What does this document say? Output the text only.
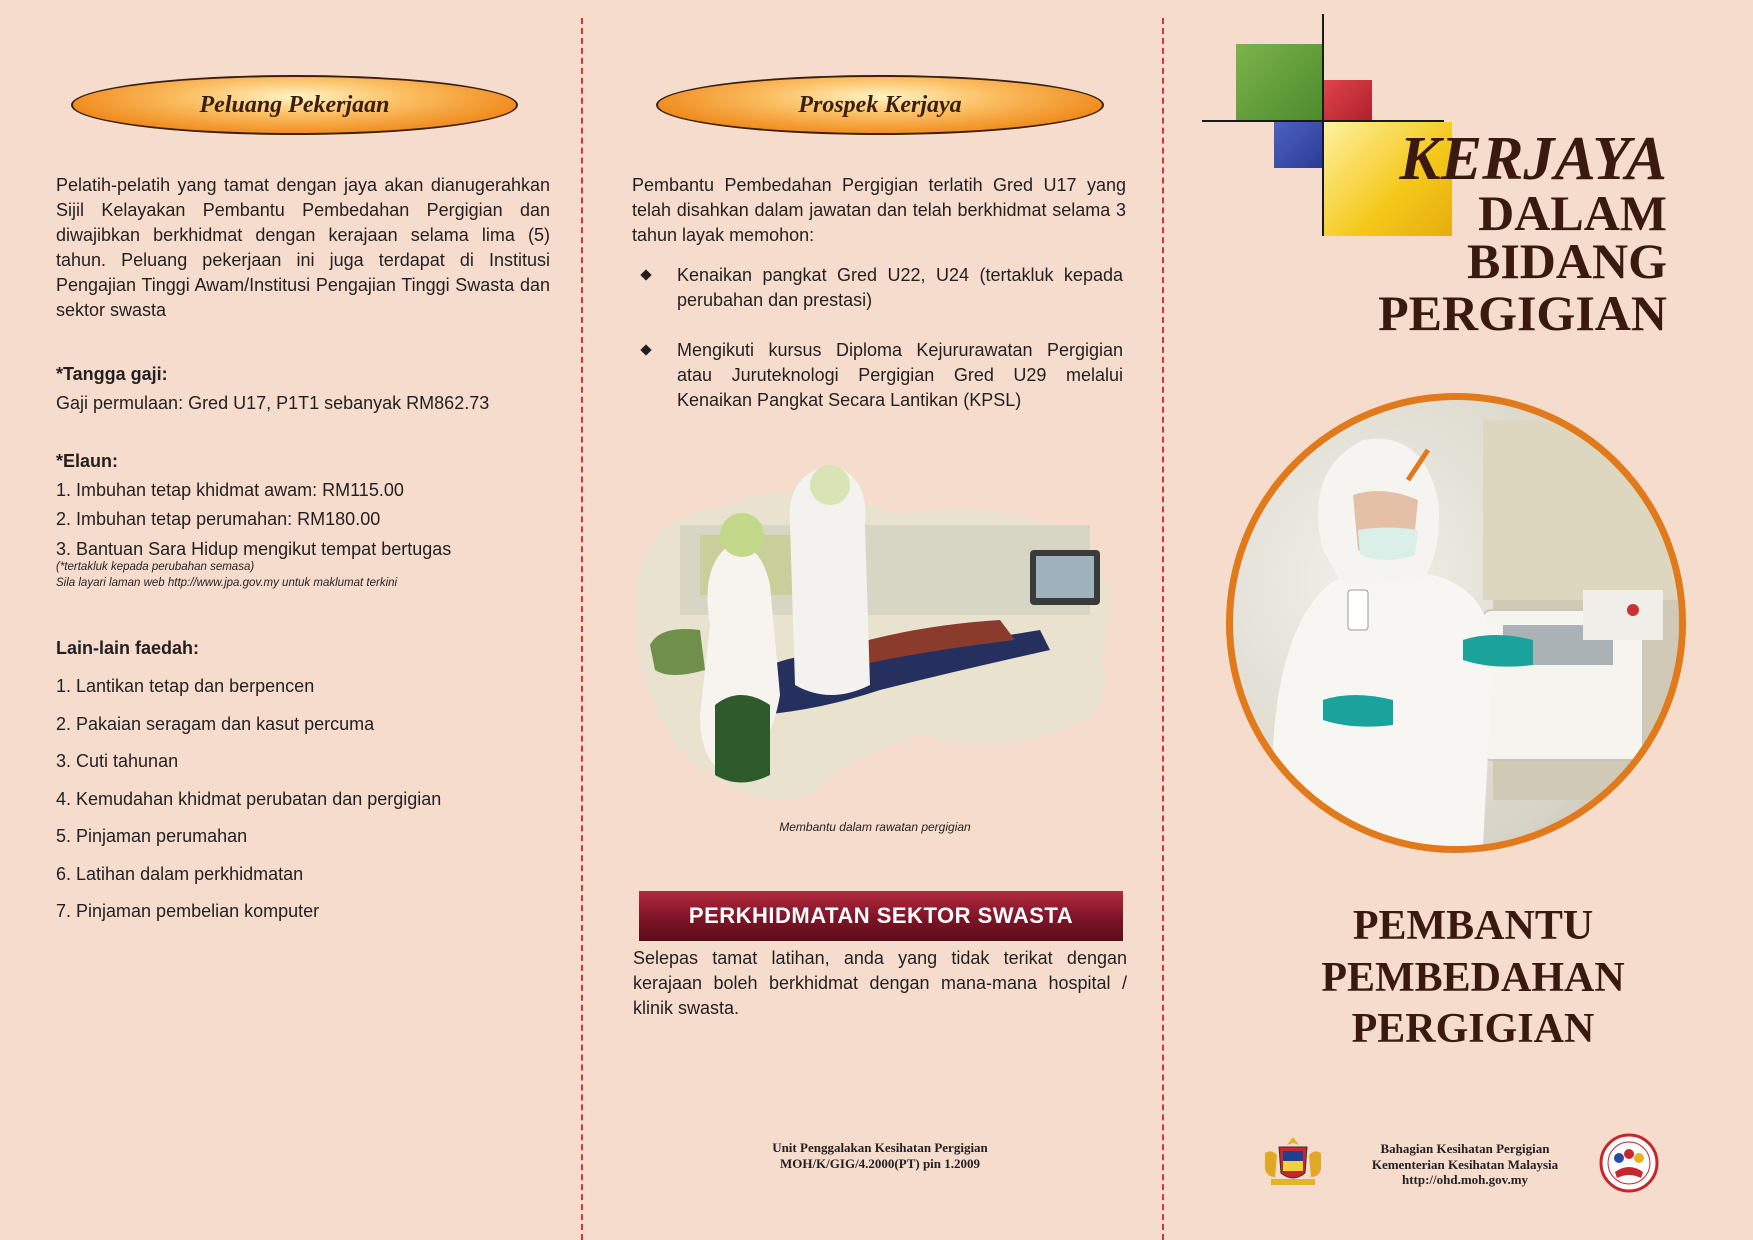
Peluang Pekerjaan
Pelatih-pelatih yang tamat dengan jaya akan dianugerahkan Sijil Kelayakan Pembantu Pembedahan Pergigian dan diwajibkan berkhidmat dengan kerajaan selama lima (5) tahun. Peluang pekerjaan ini juga terdapat di Institusi Pengajian Tinggi Awam/Institusi Pengajian Tinggi Swasta dan sektor swasta
*Tangga gaji:
Gaji permulaan: Gred U17, P1T1 sebanyak RM862.73
*Elaun:
1. Imbuhan tetap khidmat awam: RM115.00
2. Imbuhan tetap perumahan: RM180.00
3. Bantuan Sara Hidup mengikut tempat bertugas
(*tertakluk kepada perubahan semasa)
Sila layari laman web http://www.jpa.gov.my untuk maklumat terkini
Lain-lain faedah:
1. Lantikan tetap dan berpencen
2. Pakaian seragam dan kasut percuma
3. Cuti tahunan
4. Kemudahan khidmat perubatan dan pergigian
5. Pinjaman perumahan
6. Latihan dalam perkhidmatan
7. Pinjaman pembelian komputer
Prospek Kerjaya
Pembantu Pembedahan Pergigian terlatih Gred U17 yang telah disahkan dalam jawatan dan telah berkhidmat selama 3 tahun layak memohon:
Kenaikan pangkat Gred U22, U24 (tertakluk kepada perubahan dan prestasi)
Mengikuti kursus Diploma Kejururawatan Pergigian atau Juruteknologi Pergigian Gred U29 melalui Kenaikan Pangkat Secara Lantikan (KPSL)
Membantu dalam rawatan pergigian
PERKHIDMATAN SEKTOR SWASTA
Selepas tamat latihan, anda yang tidak terikat dengan kerajaan boleh berkhidmat dengan mana-mana hospital / klinik swasta.
Unit Penggalakan Kesihatan Pergigian
MOH/K/GIG/4.2000(PT) pin 1.2009
KERJAYA
DALAM
BIDANG
PERGIGIAN
PEMBANTU
PEMBEDAHAN
PERGIGIAN
Bahagian Kesihatan Pergigian
Kementerian Kesihatan Malaysia
http://ohd.moh.gov.my
